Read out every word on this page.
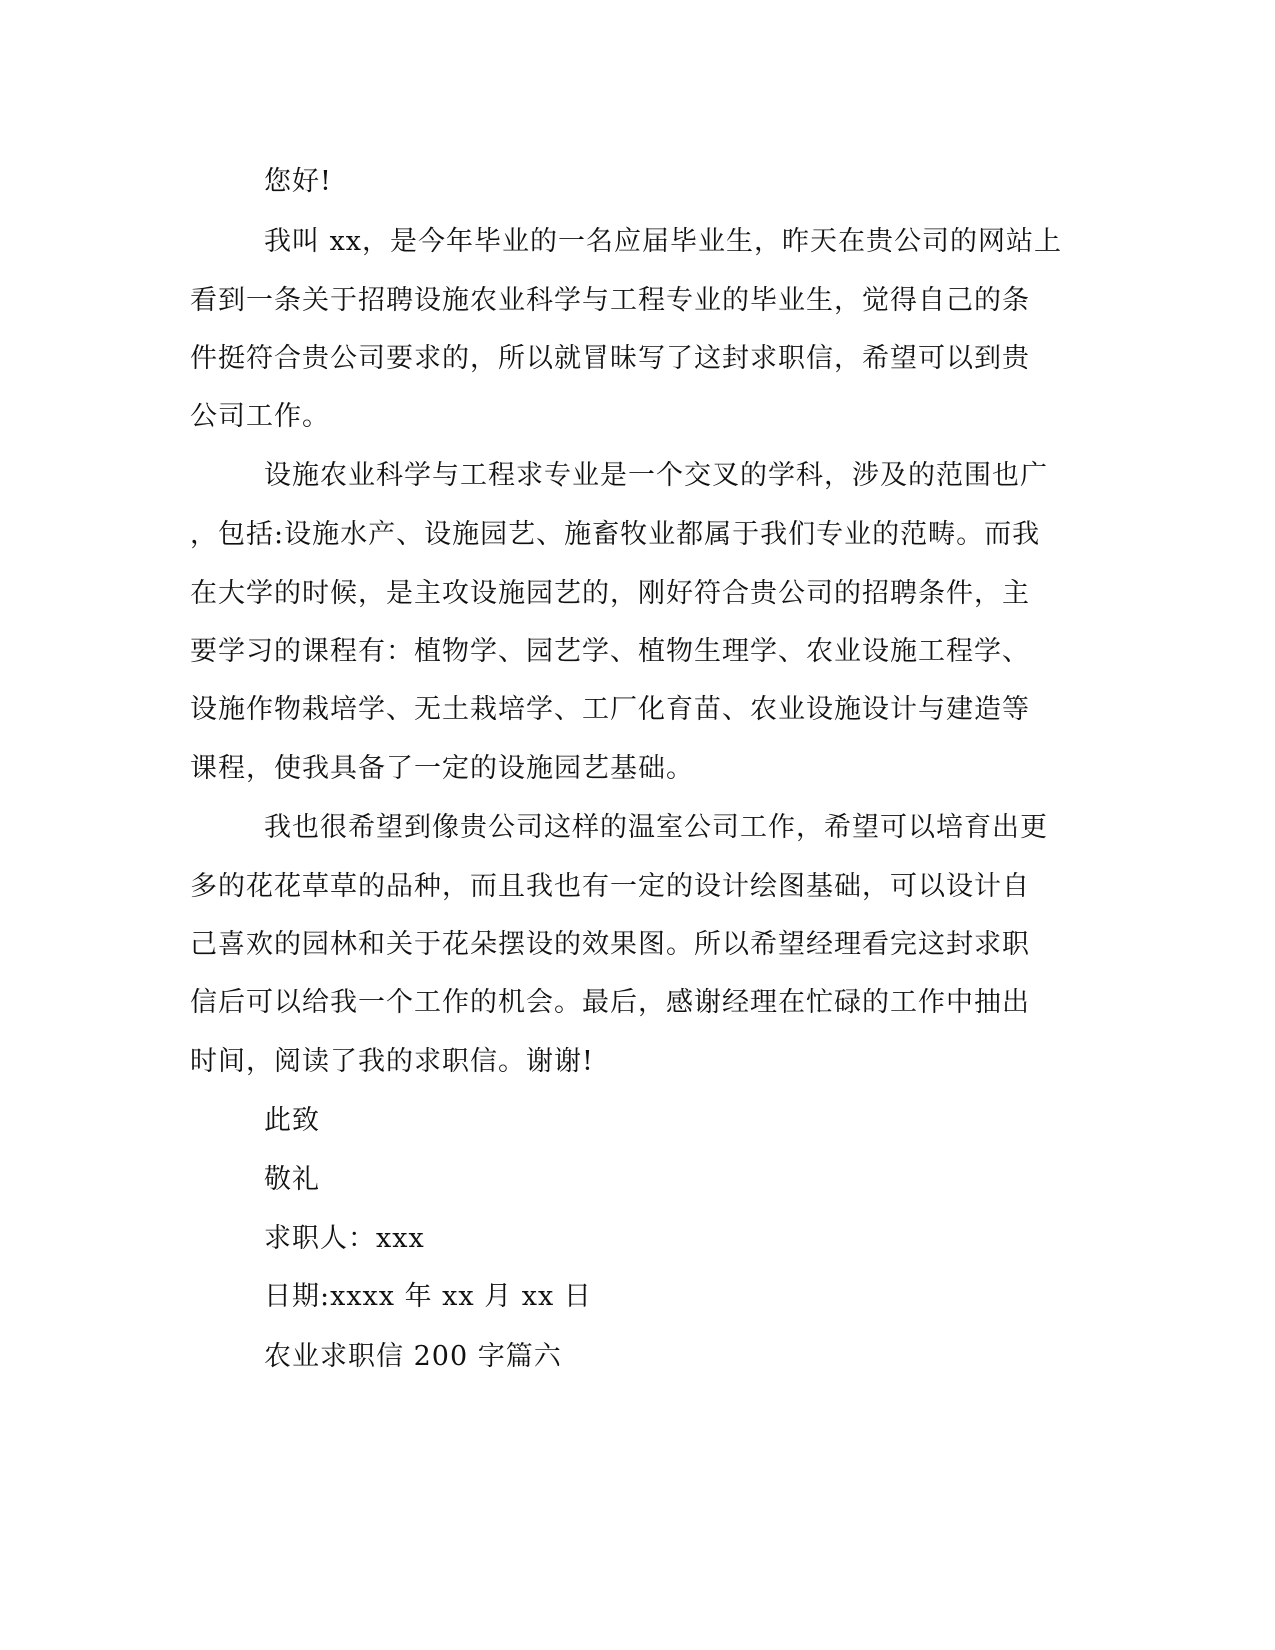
您好!
我叫 xx，是今年毕业的一名应届毕业生，昨天在贵公司的网站上
看到一条关于招聘设施农业科学与工程专业的毕业生，觉得自己的条
件挺符合贵公司要求的，所以就冒昧写了这封求职信，希望可以到贵
公司工作。
设施农业科学与工程求专业是一个交叉的学科，涉及的范围也广
，包括:设施水产、设施园艺、施畜牧业都属于我们专业的范畴。而我
在大学的时候，是主攻设施园艺的，刚好符合贵公司的招聘条件，主
要学习的课程有：植物学、园艺学、植物生理学、农业设施工程学、
设施作物栽培学、无土栽培学、工厂化育苗、农业设施设计与建造等
课程，使我具备了一定的设施园艺基础。
我也很希望到像贵公司这样的温室公司工作，希望可以培育出更
多的花花草草的品种，而且我也有一定的设计绘图基础，可以设计自
己喜欢的园林和关于花朵摆设的效果图。所以希望经理看完这封求职
信后可以给我一个工作的机会。最后，感谢经理在忙碌的工作中抽出
时间，阅读了我的求职信。谢谢!
此致
敬礼
求职人：xxx
日期:xxxx 年 xx 月 xx 日
农业求职信 200 字篇六
